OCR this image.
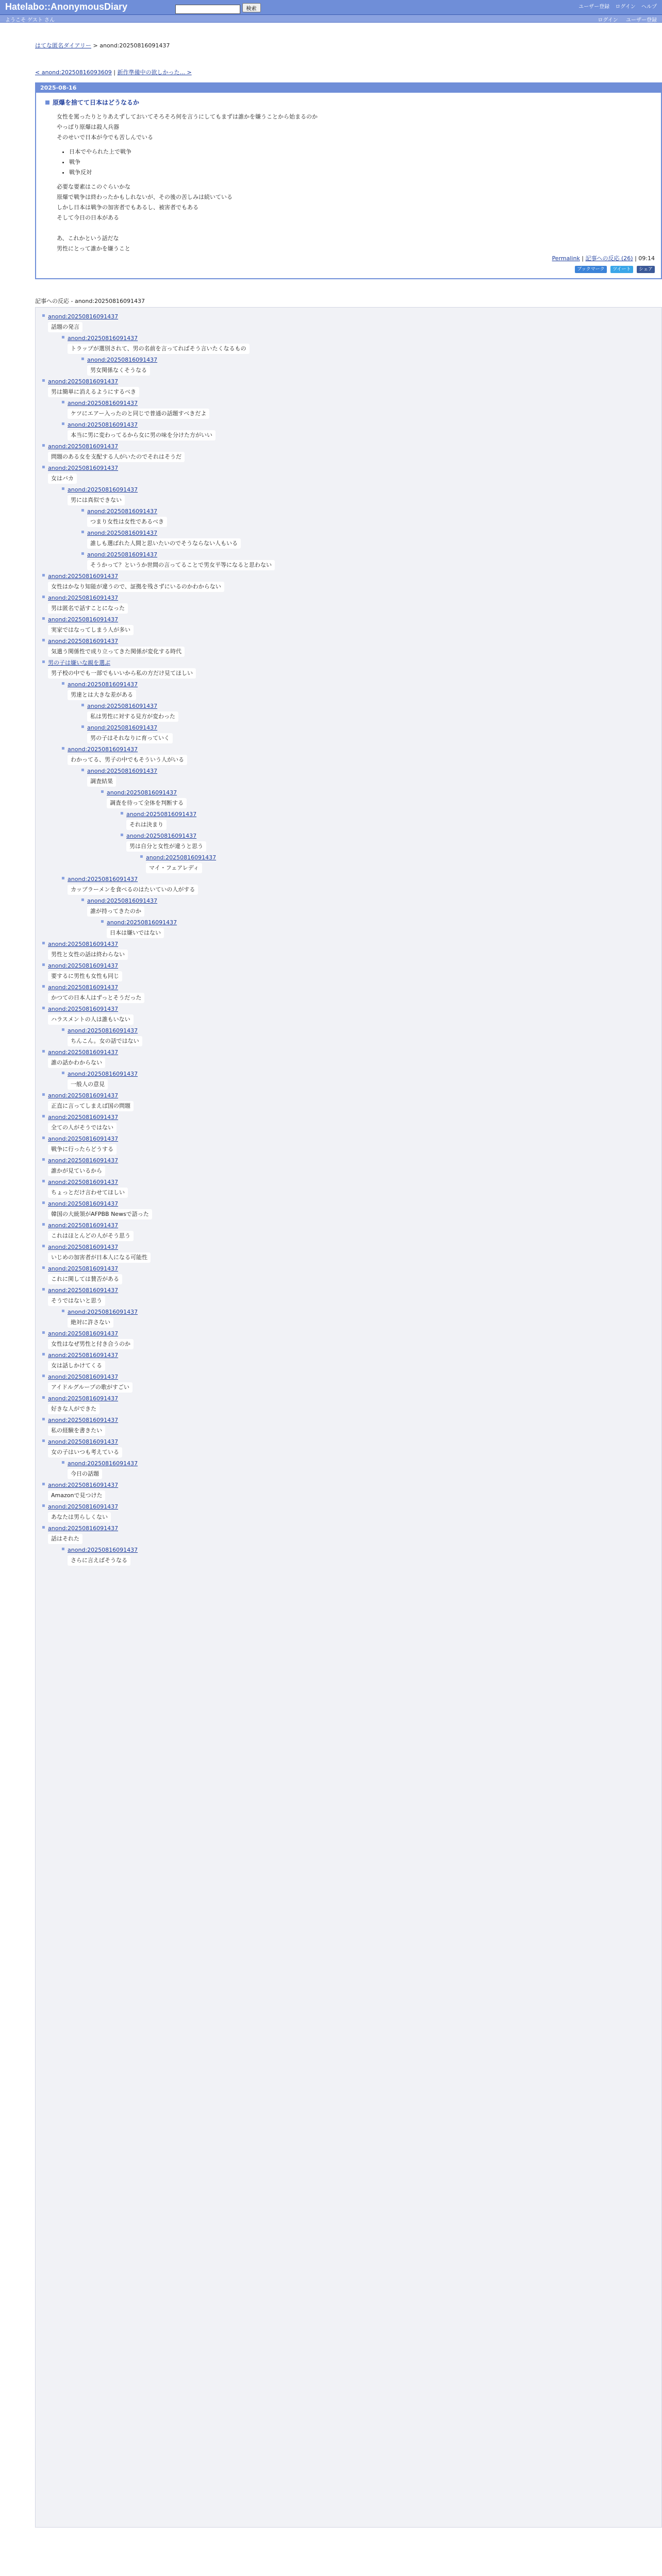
Hatelabo::AnonymousDiary	検索	ユーザー登録 ログイン ヘルプ
ようこそ ゲスト さん	ログイン ユーザー登録
はてな匿名ダイアリー > anond:20250816091437
< anond:20250816093609 | 新作準備中の欲しかった... >
2025-08-16
原爆を捨てて日本はどうなるか

女性を罵ったりとりあえずしておいてそろそろ何を言うにしてもまずは誰かを嫌うことから始まるのか

やっぱり原爆は殺人兵器

そのせいで日本が今でも苦しんでいる

• 日本でやられた上で戦争
• 戦争
• 戦争反対

必要な要素はこのぐらいかな

原爆で戦争は終わったかもしれないが、その後の苦しみは続いている

しかし日本は戦争の加害者でもあるし、被害者でもある

そして今日の日本がある

あ、これかという話だな

男性にとって誰かを嫌うこと

Permalink | 記事への反応 (26) | 09:14
ブックマーク ツイート シェア
記事への反応 - anond:20250816091437
▪ anond:20250816091437
話題の発言
▪ anond:20250816091437
トラップが選別されて、男の名前を言ってればそう言いたくなるもの
▪ anond:20250816091437
男女関係なくそうなる
▪ anond:20250816091437
男は簡単に消えるようにするべき
▪ anond:20250816091437
ケツにエアー入ったのと同じで普通の話題すべきだよ
▪ anond:20250816091437
本当に男に変わってるから女に男の味を分けた方がいい
▪ anond:20250816091437
問題のある女を支配する人がいたのでそれはそうだ
▪ anond:20250816091437
女はバカ
▪ anond:20250816091437
男には真似できない
▪ anond:20250816091437
つまり女性は女性であるべき
▪ anond:20250816091437
誰しも選ばれた人間と思いたいのでそうならない人もいる
▪ anond:20250816091437
そうかって？というか世間の言ってることで男女平等になると思わない
▪ anond:20250816091437
女性はかなり知能が違うので、証拠を残さずにいるのかわからない
▪ anond:20250816091437
男は匿名で話すことになった
▪ anond:20250816091437
実家ではなってしまう人が多い
▪ anond:20250816091437
気遣う関係性で成り立ってきた関係が変化する時代
▪ 男の子は嫌いな親を選ぶ
男子校の中でも一部でもいいから私の方だけ見てほしい
▪ anond:20250816091437
男達とは大きな差がある
▪ anond:20250816091437
私は男性に対する見方が変わった
▪ anond:20250816091437
男の子はそれなりに育っていく
▪ anond:20250816091437
わかってる、男子の中でもそういう人がいる
▪ anond:20250816091437
調査結果
▪ anond:20250816091437
調査を待って全体を判断する
▪ anond:20250816091437
それは決まり
▪ anond:20250816091437
男は自分と女性が違うと思う
▪ anond:20250816091437
マイ・フェアレディ
▪ anond:20250816091437
カップラーメンを食べるのはたいていの人がする
▪ anond:20250816091437
誰が持ってきたのか
▪ anond:20250816091437
日本は嫌いではない
▪ anond:20250816091437
男性と女性の話は終わらない
▪ anond:20250816091437
要するに男性も女性も同じ
▪ anond:20250816091437
かつての日本人はずっとそうだった
▪ anond:20250816091437
ハラスメントの人は誰もいない
▪ anond:20250816091437
ちんこん。女の話ではない
▪ anond:20250816091437
誰の話かわからない
▪ anond:20250816091437
一般人の意見
▪ anond:20250816091437
正直に言ってしまえば国の問題
▪ anond:20250816091437
全ての人がそうではない
▪ anond:20250816091437
戦争に行ったらどうする
▪ anond:20250816091437
誰かが見ているから
▪ anond:20250816091437
ちょっとだけ言わせてほしい
▪ anond:20250816091437
韓国の大統領がAFPBB Newsで語った
▪ anond:20250816091437
これはほとんどの人がそう思う
▪ anond:20250816091437
いじめの加害者が日本人になる可能性
▪ anond:20250816091437
これに関しては賛否がある
▪ anond:20250816091437
そうではないと思う
▪ anond:20250816091437
絶対に許さない
▪ anond:20250816091437
女性はなぜ男性と付き合うのか
▪ anond:20250816091437
女は話しかけてくる
▪ anond:20250816091437
アイドルグループの歌がすごい
▪ anond:20250816091437
好きな人ができた
▪ anond:20250816091437
私の経験を書きたい
▪ anond:20250816091437
女の子はいつも考えている
▪ anond:20250816091437
今日の話題
▪ anond:20250816091437
Amazonで見つけた
▪ anond:20250816091437
あなたは男らしくない
▪ anond:20250816091437
話はそれた
▪ anond:20250816091437
さらに言えばそうなる
